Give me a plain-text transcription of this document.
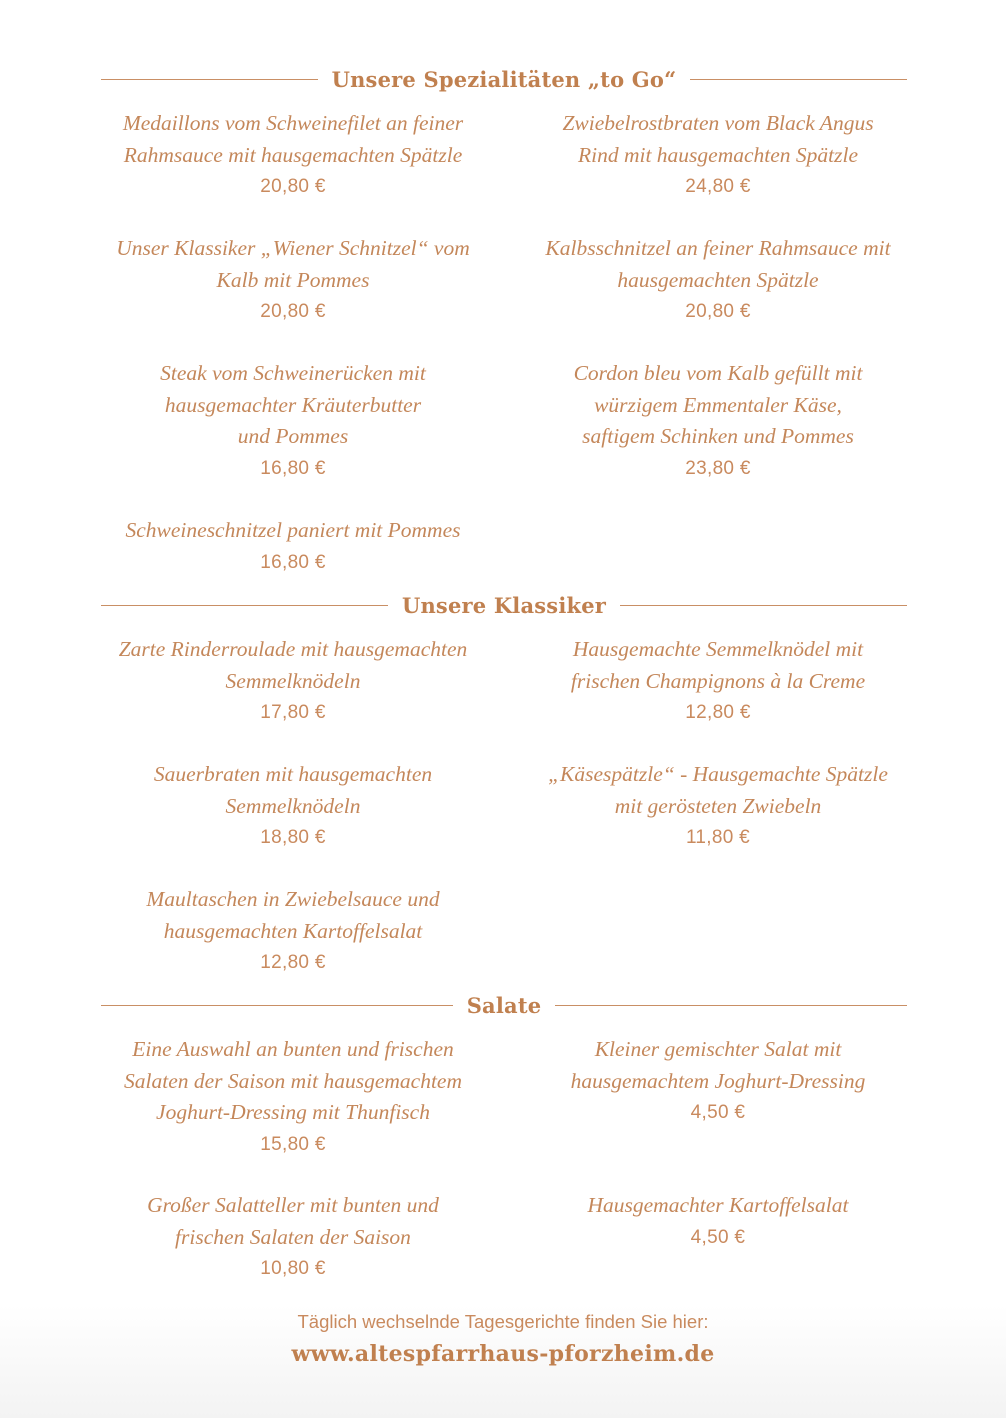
Unsere Spezialitäten „to Go“
Medaillons vom Schweinefilet an feiner
Rahmsauce mit hausgemachten Spätzle
20,80 €
Zwiebelrostbraten vom Black Angus
Rind mit hausgemachten Spätzle
24,80 €
Unser Klassiker „Wiener Schnitzel“ vom
Kalb mit Pommes
20,80 €
Kalbsschnitzel an feiner Rahmsauce mit
hausgemachten Spätzle
20,80 €
Steak vom Schweinerücken mit
hausgemachter Kräuterbutter
und Pommes
16,80 €
Cordon bleu vom Kalb gefüllt mit
würzigem Emmentaler Käse,
saftigem Schinken und Pommes
23,80 €
Schweineschnitzel paniert mit Pommes
16,80 €
Unsere Klassiker
Zarte Rinderroulade mit hausgemachten
Semmelknödeln
17,80 €
Hausgemachte Semmelknödel mit
frischen Champignons à la Creme
12,80 €
Sauerbraten mit hausgemachten
Semmelknödeln
18,80 €
„Käsespätzle“ - Hausgemachte Spätzle
mit gerösteten Zwiebeln
11,80 €
Maultaschen in Zwiebelsauce und
hausgemachten Kartoffelsalat
12,80 €
Salate
Eine Auswahl an bunten und frischen
Salaten der Saison mit hausgemachtem
Joghurt-Dressing mit Thunfisch
15,80 €
Kleiner gemischter Salat mit
hausgemachtem Joghurt-Dressing
4,50 €
Großer Salatteller mit bunten und
frischen Salaten der Saison
10,80 €
Hausgemachter Kartoffelsalat
4,50 €
Täglich wechselnde Tagesgerichte finden Sie hier:
www.altespfarrhaus-pforzheim.de
